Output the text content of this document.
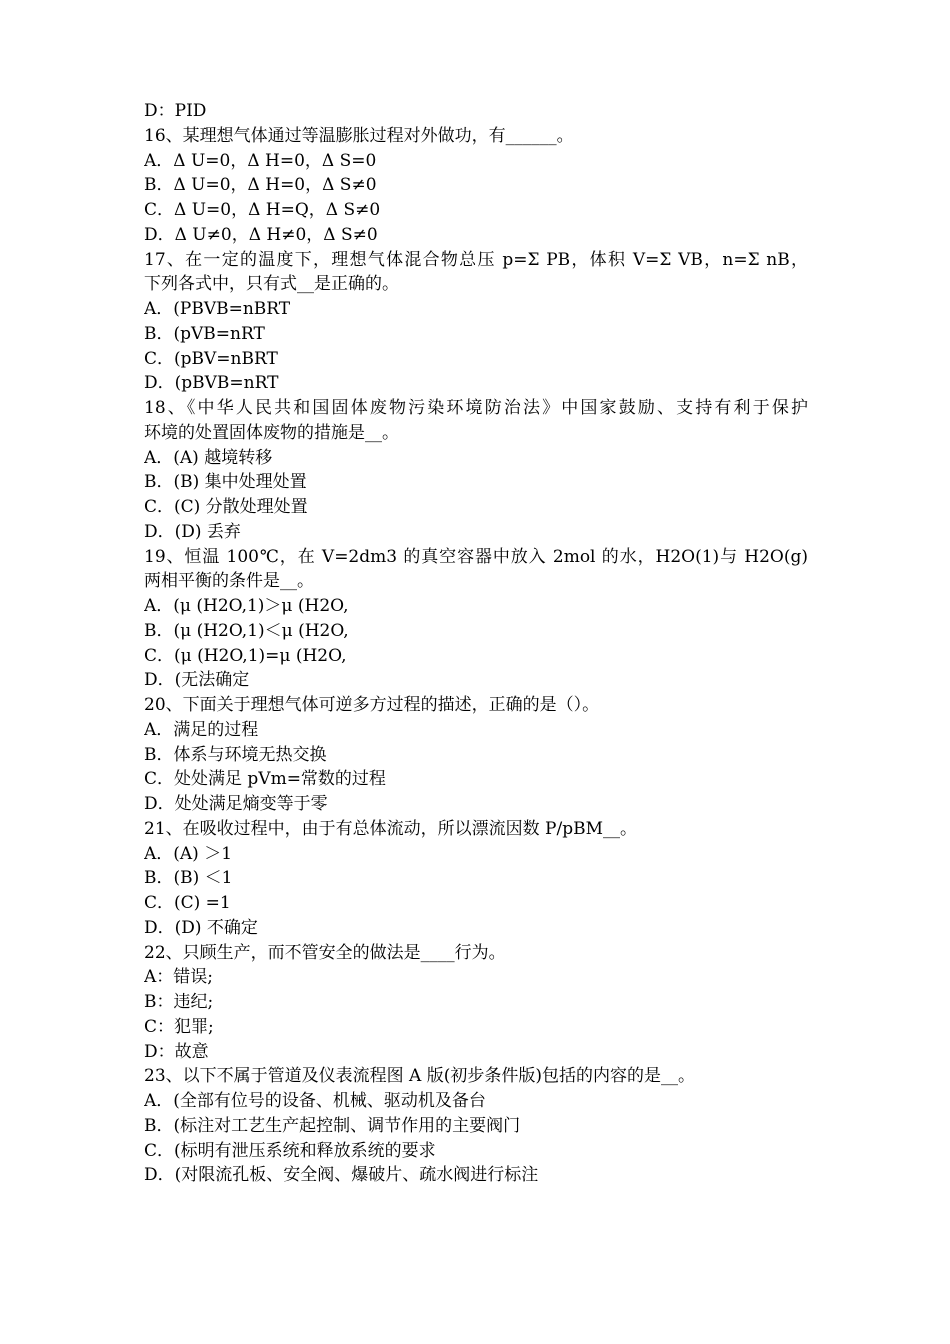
D：PID
16、某理想气体通过等温膨胀过程对外做功，有______。
A．Δ U=0，Δ H=0，Δ S=0
B．Δ U=0，Δ H=0，Δ S≠0
C．Δ U=0，Δ H=Q，Δ S≠0
D．Δ U≠0，Δ H≠0，Δ S≠0
17、在一定的温度下，理想气体混合物总压 p=Σ PB，体积 V=Σ VB，n=Σ nB，
下列各式中，只有式__是正确的。
A．(PBVB=nBRT
B．(pVB=nRT
C．(pBV=nBRT
D．(pBVB=nRT
18、《中华人民共和国固体废物污染环境防治法》中国家鼓励、支持有利于保护
环境的处置固体废物的措施是__。
A．(A) 越境转移
B．(B) 集中处理处置
C．(C) 分散处理处置
D．(D) 丢弃
19、恒温 100℃，在 V=2dm3 的真空容器中放入 2mol 的水，H2O(1)与 H2O(g)
两相平衡的条件是__。
A．(μ (H2O,1)＞μ (H2O,
B．(μ (H2O,1)＜μ (H2O,
C．(μ (H2O,1)=μ (H2O,
D．(无法确定
20、下面关于理想气体可逆多方过程的描述，正确的是（）。
A．满足的过程
B．体系与环境无热交换
C．处处满足 pVm=常数的过程
D．处处满足熵变等于零
21、在吸收过程中，由于有总体流动，所以漂流因数 P/pBM__。
A．(A) ＞1
B．(B) ＜1
C．(C) =1
D．(D) 不确定
22、只顾生产，而不管安全的做法是____行为。
A：错误;
B：违纪;
C：犯罪;
D：故意
23、以下不属于管道及仪表流程图 A 版(初步条件版)包括的内容的是__。
A．(全部有位号的设备、机械、驱动机及备台
B．(标注对工艺生产起控制、调节作用的主要阀门
C．(标明有泄压系统和释放系统的要求
D．(对限流孔板、安全阀、爆破片、疏水阀进行标注
